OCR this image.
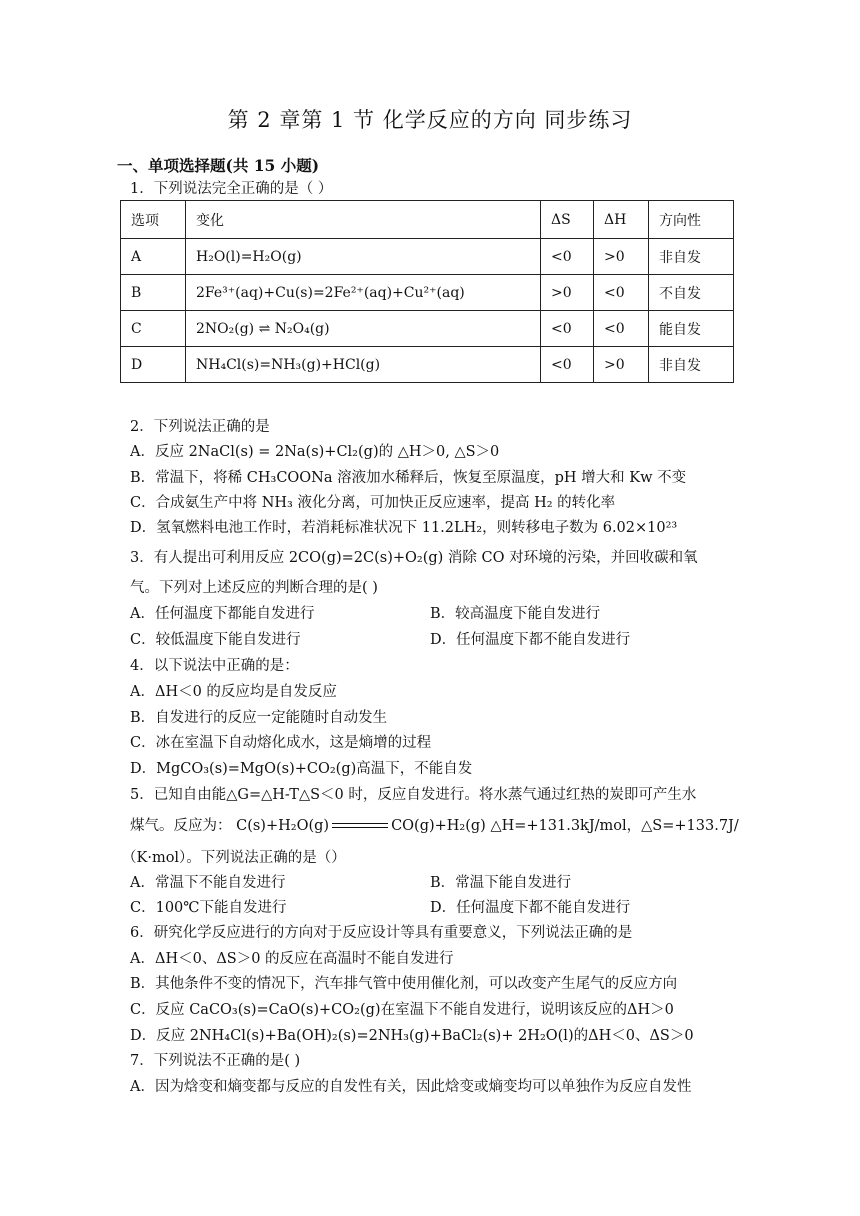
第 2 章第 1 节 化学反应的方向 同步练习
一、单项选择题(共 15 小题)
1．下列说法完全正确的是（ ）
选项	变化	ΔS	ΔH	方向性
A	H₂O(l)=H₂O(g)	<0	>0	非自发
B	2Fe³⁺(aq)+Cu(s)=2Fe²⁺(aq)+Cu²⁺(aq)	>0	<0	不自发
C	2NO₂(g) ⇌ N₂O₄(g)	<0	<0	能自发
D	NH₄Cl(s)=NH₃(g)+HCl(g)	<0	>0	非自发
2．下列说法正确的是
A．反应 2NaCl(s) = 2Na(s)+Cl₂(g)的 △H＞0, △S＞0
B．常温下，将稀 CH₃COONa 溶液加水稀释后，恢复至原温度，pH 增大和 Kw 不变
C．合成氨生产中将 NH₃ 液化分离，可加快正反应速率，提高 H₂ 的转化率
D．氢氧燃料电池工作时，若消耗标准状况下 11.2LH₂，则转移电子数为 6.02×10²³
3．有人提出可利用反应 2CO(g)=2C(s)+O₂(g) 消除 CO 对环境的污染，并回收碳和氧
气。下列对上述反应的判断合理的是( )
A．任何温度下都能自发进行	B．较高温度下能自发进行
C．较低温度下能自发进行	D．任何温度下都不能自发进行
4．以下说法中正确的是：
A．ΔH＜0 的反应均是自发反应
B．自发进行的反应一定能随时自动发生
C．冰在室温下自动熔化成水，这是熵增的过程
D．MgCO₃(s)=MgO(s)+CO₂(g)高温下，不能自发
5．已知自由能△G=△H-T△S＜0 时，反应自发进行。将水蒸气通过红热的炭即可产生水
煤气。反应为： C(s)+H₂O(g)	CO(g)+H₂(g) △H=+131.3kJ/mol，△S=+133.7J/
（K·mol）。下列说法正确的是（）
A．常温下不能自发进行	B．常温下能自发进行
C．100℃下能自发进行	D．任何温度下都不能自发进行
6．研究化学反应进行的方向对于反应设计等具有重要意义，下列说法正确的是
A．ΔH＜0、ΔS＞0 的反应在高温时不能自发进行
B．其他条件不变的情况下，汽车排气管中使用催化剂，可以改变产生尾气的反应方向
C．反应 CaCO₃(s)=CaO(s)+CO₂(g)在室温下不能自发进行，说明该反应的ΔH＞0
D．反应 2NH₄Cl(s)+Ba(OH)₂(s)=2NH₃(g)+BaCl₂(s)+ 2H₂O(l)的ΔH＜0、ΔS＞0
7．下列说法不正确的是( )
A．因为焓变和熵变都与反应的自发性有关，因此焓变或熵变均可以单独作为反应自发性
